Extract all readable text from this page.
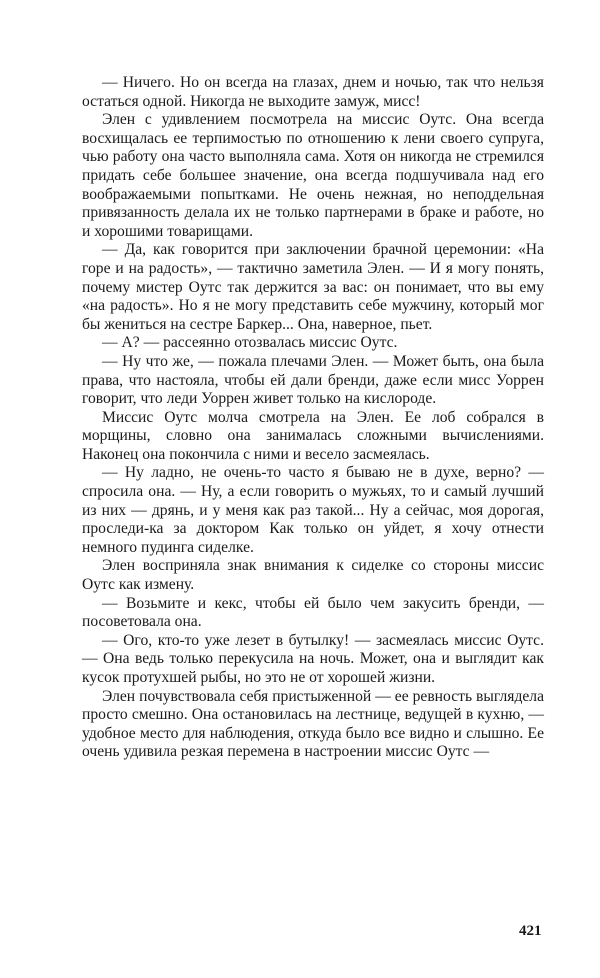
— Ничего. Но он всегда на глазах, днем и ночью, так что нельзя остаться одной. Никогда не выходите замуж, мисс!

Элен с удивлением посмотрела на миссис Оутс. Она всегда восхищалась ее терпимостью по отношению к лени своего супруга, чью работу она часто выполняла сама. Хотя он никогда не стремился придать себе большее значение, она всегда подшучивала над его воображаемыми попытками. Не очень нежная, но неподдельная привязанность делала их не только партнерами в браке и работе, но и хорошими товарищами.

— Да, как говорится при заключении брачной церемонии: «На горе и на радость», — тактично заметила Элен. — И я могу понять, почему мистер Оутс так держится за вас: он понимает, что вы ему «на радость». Но я не могу представить себе мужчину, который мог бы жениться на сестре Баркер... Она, наверное, пьет.

— А? — рассеянно отозвалась миссис Оутс.

— Ну что же, — пожала плечами Элен. — Может быть, она была права, что настояла, чтобы ей дали бренди, даже если мисс Уоррен говорит, что леди Уоррен живет только на кислороде.

Миссис Оутс молча смотрела на Элен. Ее лоб собрался в морщины, словно она занималась сложными вычислениями. Наконец она покончила с ними и весело засмеялась.

— Ну ладно, не очень-то часто я бываю не в духе, верно? — спросила она. — Ну, а если говорить о мужьях, то и самый лучший из них — дрянь, и у меня как раз такой... Ну а сейчас, моя дорогая, проследи-ка за доктором Как только он уйдет, я хочу отнести немного пудинга сиделке.

Элен восприняла знак внимания к сиделке со стороны миссис Оутс как измену.

— Возьмите и кекс, чтобы ей было чем закусить бренди, — посоветовала она.

— Ого, кто-то уже лезет в бутылку! — засмеялась миссис Оутс. — Она ведь только перекусила на ночь. Может, она и выглядит как кусок протухшей рыбы, но это не от хорошей жизни.

Элен почувствовала себя пристыженной — ее ревность выглядела просто смешно. Она остановилась на лестнице, ведущей в кухню, — удобное место для наблюдения, откуда было все видно и слышно. Ее очень удивила резкая перемена в настроении миссис Оутс —

421
